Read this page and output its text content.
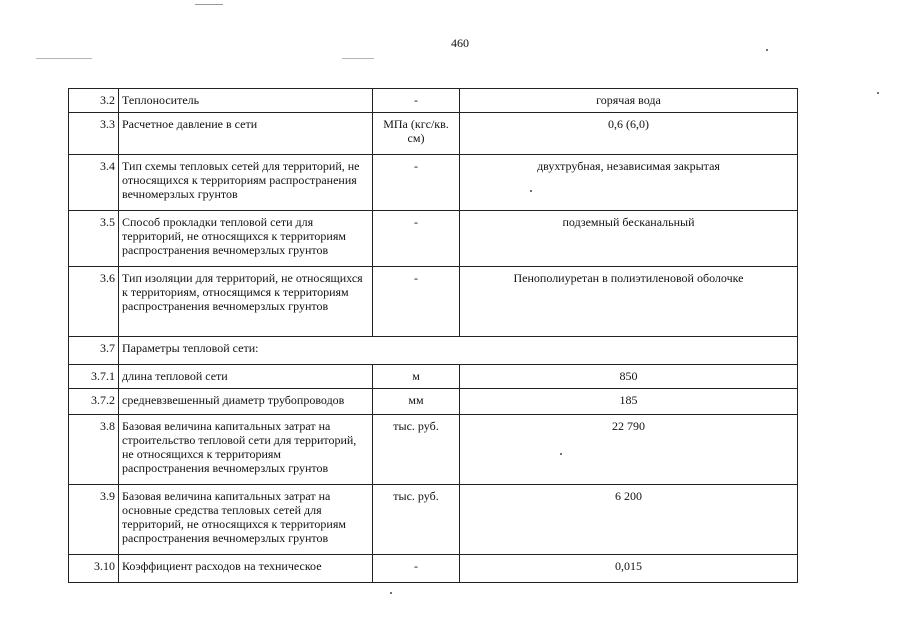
460
3.2	Теплоноситель	-	горячая вода
3.3	Расчетное давление в сети	МПа (кгс/кв. см)	0,6 (6,0)
3.4	Тип схемы тепловых сетей для территорий, не относящихся к территориям распространения вечномерзлых грунтов	-	двухтрубная, независимая закрытая
3.5	Способ прокладки тепловой сети для территорий, не относящихся к территориям распространения вечномерзлых грунтов	-	подземный бесканальный
3.6	Тип изоляции для территорий, не относящихся к территориям, относящимся к территориям распространения вечномерзлых грунтов	-	Пенополиуретан в полиэтиленовой оболочке
3.7	Параметры тепловой сети:		
3.7.1	длина тепловой сети	м	850
3.7.2	средневзвешенный диаметр трубопроводов	мм	185
3.8	Базовая величина капитальных затрат на строительство тепловой сети для территорий, не относящихся к территориям распространения вечномерзлых грунтов	тыс. руб.	22 790
3.9	Базовая величина капитальных затрат на основные средства тепловых сетей для территорий, не относящихся к территориям распространения вечномерзлых грунтов	тыс. руб.	6 200
3.10	Коэффициент расходов на техническое	-	0,015
